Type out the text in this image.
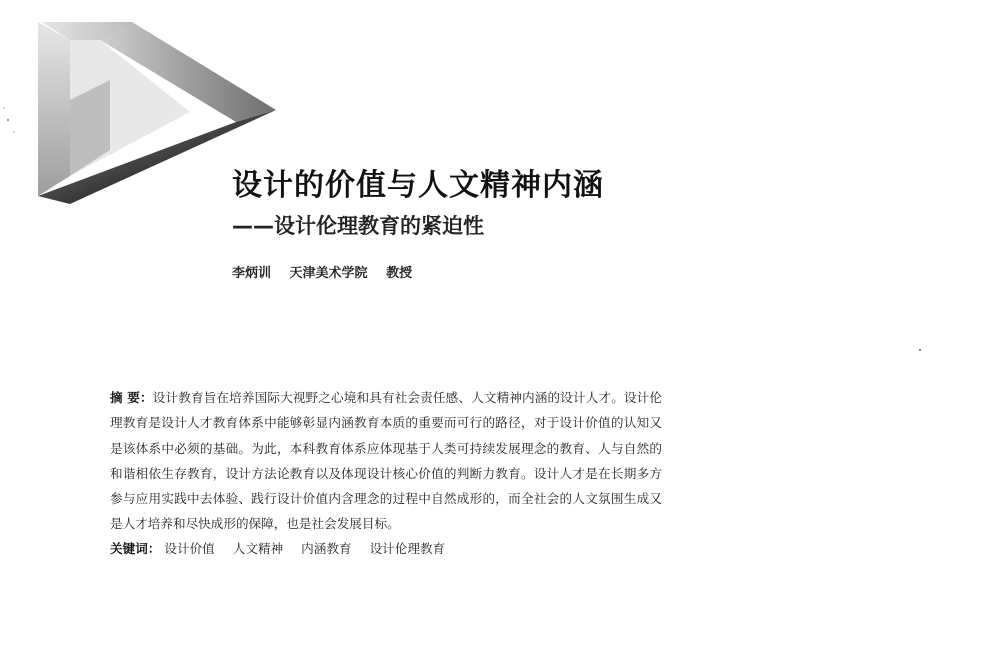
设计的价值与人文精神内涵
——设计伦理教育的紧迫性
李炳训 天津美术学院 教授
摘 要：设计教育旨在培养国际大视野之心境和具有社会责任感、人文精神内涵的设计人才。设计伦理教育是设计人才教育体系中能够彰显内涵教育本质的重要而可行的路径，对于设计价值的认知又是该体系中必须的基础。为此，本科教育体系应体现基于人类可持续发展理念的教育、人与自然的和谐相依生存教育，设计方法论教育以及体现设计核心价值的判断力教育。设计人才是在长期多方参与应用实践中去体验、践行设计价值内含理念的过程中自然成形的，而全社会的人文氛围生成又是人才培养和尽快成形的保障，也是社会发展目标。
关键词： 设计价值 人文精神 内涵教育 设计伦理教育
